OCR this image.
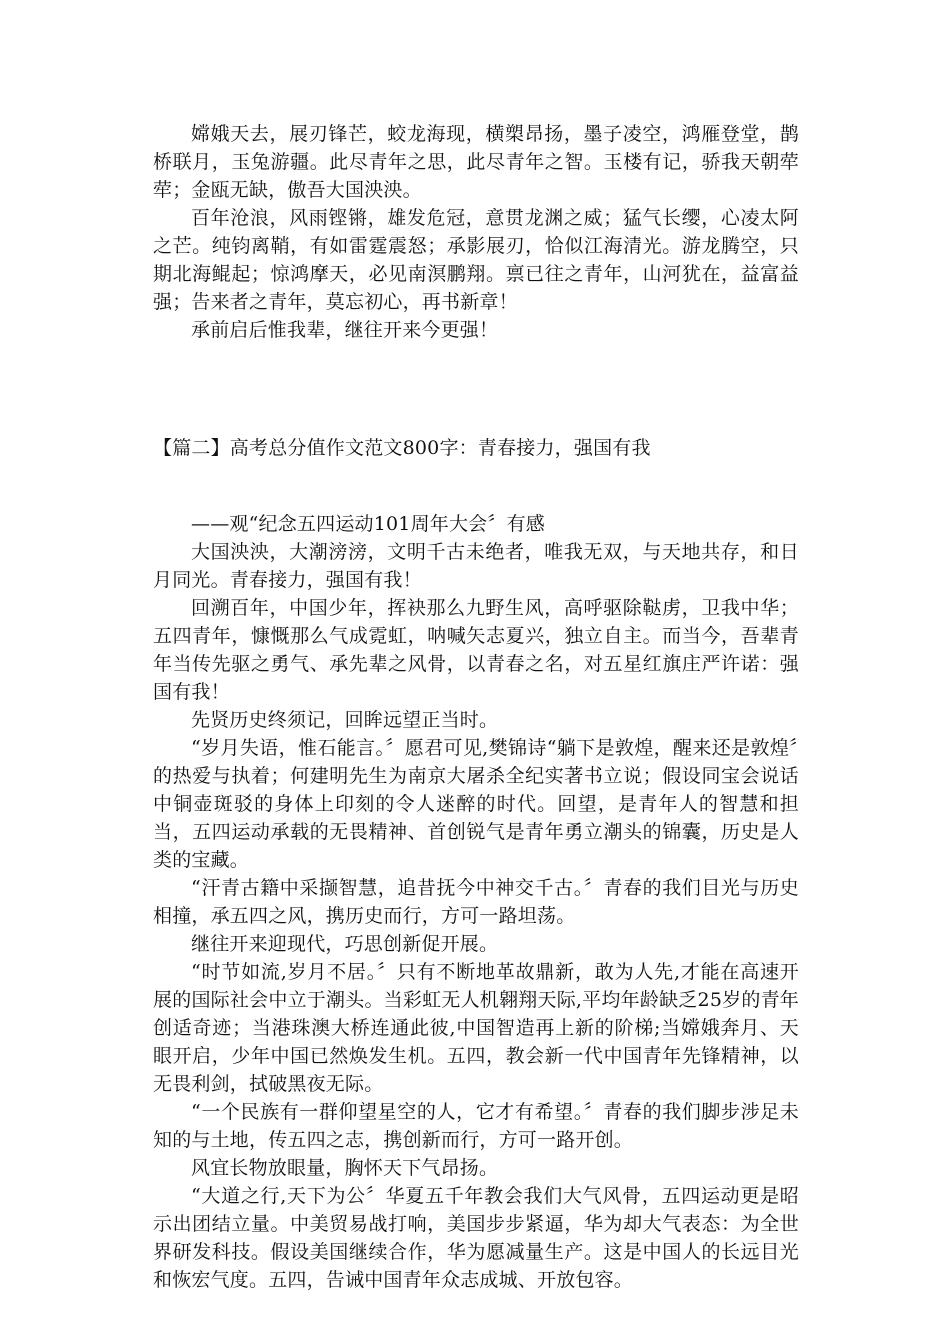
嫦娥天去，展刃锋芒，蛟龙海现，横槊昂扬，墨子凌空，鸿雁登堂，鹊桥联月，玉兔游疆。此尽青年之思，此尽青年之智。玉楼有记，骄我天朝荦荦；金瓯无缺，傲吾大国泱泱。

百年沧浪，风雨铿锵，雄发危冠，意贯龙渊之威；猛气长缨，心凌太阿之芒。纯钧离鞘，有如雷霆震怒；承影展刃，恰似江海清光。游龙腾空，只期北海鲲起；惊鸿摩天，必见南溟鹏翔。禀已往之青年，山河犹在，益富益强；告来者之青年，莫忘初心，再书新章！

承前启后惟我辈，继往开来今更强！

【篇二】高考总分值作文范文800字：青春接力，强国有我

——观“纪念五四运动101周年大会〞有感

大国泱泱，大潮滂滂，文明千古未绝者，唯我无双，与天地共存，和日月同光。青春接力，强国有我！

回溯百年，中国少年，挥袂那么九野生风，高呼驱除鞑虏，卫我中华；五四青年，慷慨那么气成霓虹，呐喊矢志夏兴，独立自主。而当今，吾辈青年当传先驱之勇气、承先辈之风骨，以青春之名，对五星红旗庄严许诺：强国有我！

先贤历史终须记，回眸远望正当时。

“岁月失语，惟石能言。〞愿君可见,樊锦诗“躺下是敦煌，醒来还是敦煌〞的热爱与执着；何建明先生为南京大屠杀全纪实著书立说；假设同宝会说话中铜壶斑驳的身体上印刻的令人迷醉的时代。回望，是青年人的智慧和担当，五四运动承载的无畏精神、首创锐气是青年勇立潮头的锦囊，历史是人类的宝藏。

“汗青古籍中采撷智慧，追昔抚今中神交千古。〞青春的我们目光与历史相撞，承五四之风，携历史而行，方可一路坦荡。

继往开来迎现代，巧思创新促开展。

“时节如流,岁月不居。〞只有不断地革故鼎新，敢为人先,才能在高速开展的国际社会中立于潮头。当彩虹无人机翱翔天际,平均年龄缺乏25岁的青年创适奇迹；当港珠澳大桥连通此彼,中国智造再上新的阶梯;当嫦娥奔月、天眼开启，少年中国已然焕发生机。五四，教会新一代中国青年先锋精神，以无畏利剑，拭破黑夜无际。

“一个民族有一群仰望星空的人，它才有希望。〞青春的我们脚步涉足未知的与土地，传五四之志，携创新而行，方可一路开创。

风宜长物放眼量，胸怀天下气昂扬。

“大道之行,天下为公〞华夏五千年教会我们大气风骨，五四运动更是昭示出团结立量。中美贸易战打响，美国步步紧逼，华为却大气表态：为全世界研发科技。假设美国继续合作，华为愿减量生产。这是中国人的长远目光和恢宏气度。五四，告诫中国青年众志成城、开放包容。
